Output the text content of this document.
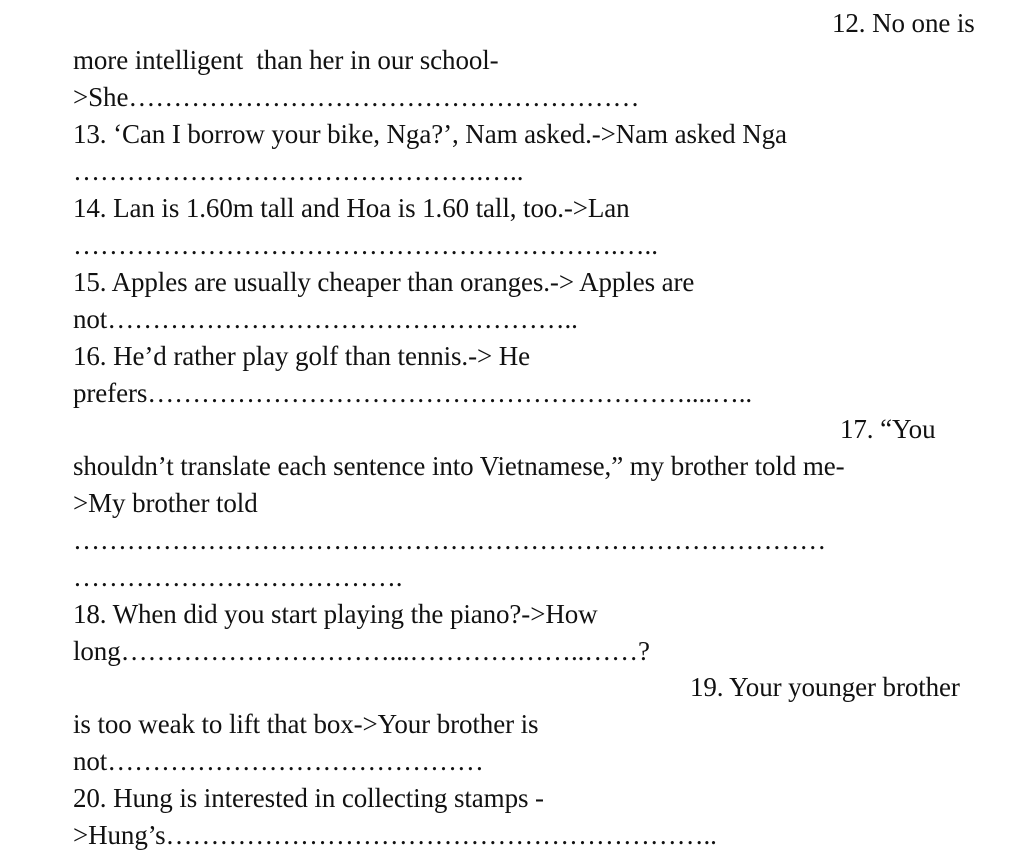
12. No one is
more intelligent  than her in our school-
>She…………………………………………………
13. ‘Can I borrow your bike, Nga?’, Nam asked.->Nam asked Nga
……………………………………….…..
14. Lan is 1.60m tall and Hoa is 1.60 tall, too.->Lan
…………………………………………………….…..
15. Apples are usually cheaper than oranges.-> Apples are
not……………………………………………..
16. He’d rather play golf than tennis.-> He
prefers……………………………………………………....…..
17. “You
shouldn’t translate each sentence into Vietnamese,” my brother told me-
>My brother told
…………………………………………………………………………
……………………………….
18. When did you start playing the piano?->How
long…………………………...………………..……?
19. Your younger brother
is too weak to lift that box->Your brother is
not……………………………………
20. Hung is interested in collecting stamps -
>Hung’s……………………………………………………..
